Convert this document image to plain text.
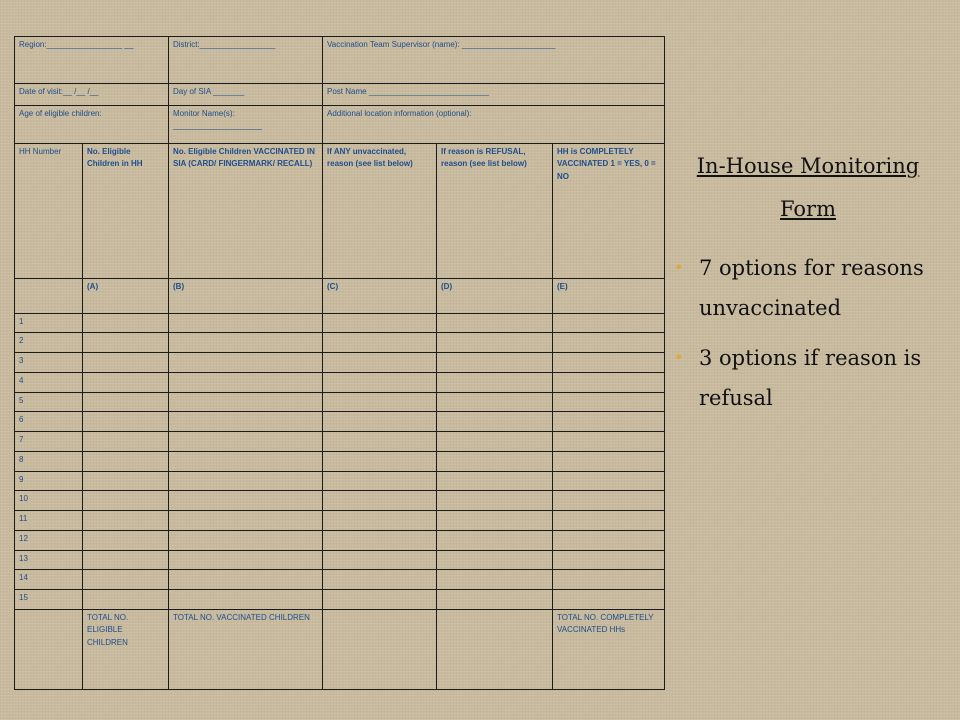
Region:_________________ __		District:_________________	Vaccination Team Supervisor (name): _____________________		
Date of visit:__ /__ /__		Day of SIA _______	Post Name ___________________________		
Age of eligible children:		Monitor Name(s): ____________________	Additional location information (optional):		
HH Number	No. Eligible Children in HH	No. Eligible Children VACCINATED IN SIA (CARD/ FINGERMARK/ RECALL)	If ANY unvaccinated, reason (see list below)	If reason is REFUSAL, reason (see list below)	HH is COMPLETELY VACCINATED 1 = YES, 0 = NO
	(A)	(B)	(C)	(D)	(E)
1					
2					
3					
4					
5					
6					
7					
8					
9					
10					
11					
12					
13					
14					
15					
	TOTAL NO. ELIGIBLE CHILDREN	TOTAL NO. VACCINATED CHILDREN			TOTAL NO. COMPLETELY VACCINATED HHs
In-House Monitoring
Form
• 7 options for reasons unvaccinated
• 3 options if reason is refusal
